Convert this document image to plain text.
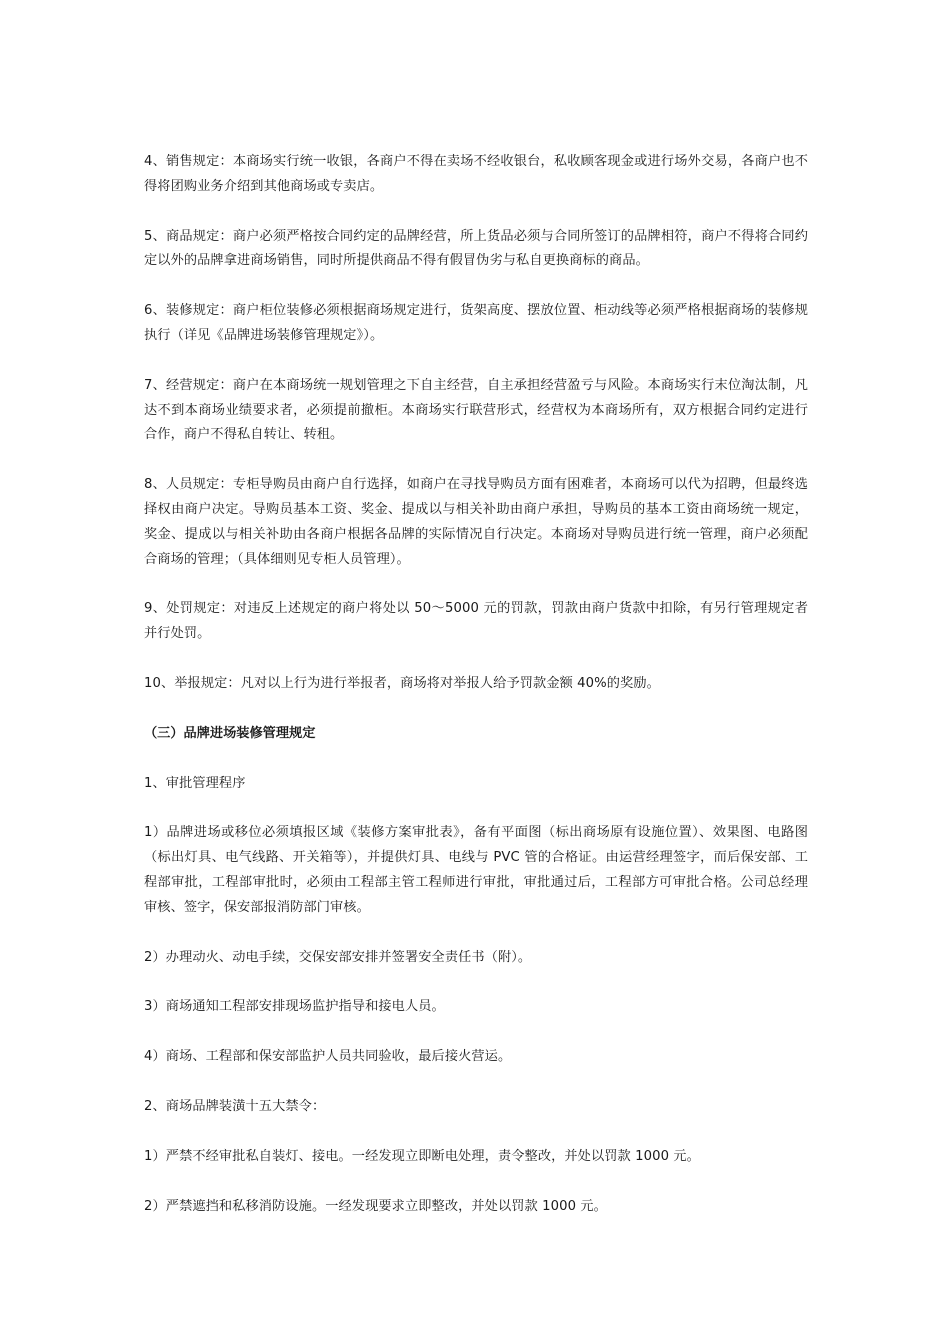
4、销售规定：本商场实行统一收银，各商户不得在卖场不经收银台，私收顾客现金或进行场外交易，各商户也不得将团购业务介绍到其他商场或专卖店。

5、商品规定：商户必须严格按合同约定的品牌经营，所上货品必须与合同所签订的品牌相符，商户不得将合同约定以外的品牌拿进商场销售，同时所提供商品不得有假冒伪劣与私自更换商标的商品。

6、装修规定：商户柜位装修必须根据商场规定进行，货架高度、摆放位置、柜动线等必须严格根据商场的装修规执行（详见《品牌进场装修管理规定》）。

7、经营规定：商户在本商场统一规划管理之下自主经营，自主承担经营盈亏与风险。本商场实行末位淘汰制，凡达不到本商场业绩要求者，必须提前撤柜。本商场实行联营形式，经营权为本商场所有，双方根据合同约定进行合作，商户不得私自转让、转租。

8、人员规定：专柜导购员由商户自行选择，如商户在寻找导购员方面有困难者，本商场可以代为招聘，但最终选择权由商户决定。导购员基本工资、奖金、提成以与相关补助由商户承担，导购员的基本工资由商场统一规定，奖金、提成以与相关补助由各商户根据各品牌的实际情况自行决定。本商场对导购员进行统一管理，商户必须配合商场的管理；（具体细则见专柜人员管理）。

9、处罚规定：对违反上述规定的商户将处以 50～5000 元的罚款，罚款由商户货款中扣除，有另行管理规定者并行处罚。

10、举报规定：凡对以上行为进行举报者，商场将对举报人给予罚款金额 40%的奖励。

（三）品牌进场装修管理规定

1、审批管理程序

1）品牌进场或移位必须填报区域《装修方案审批表》，备有平面图（标出商场原有设施位置）、效果图、电路图（标出灯具、电气线路、开关箱等），并提供灯具、电线与 PVC 管的合格证。由运营经理签字，而后保安部、工程部审批，工程部审批时，必须由工程部主管工程师进行审批，审批通过后，工程部方可审批合格。公司总经理审核、签字，保安部报消防部门审核。

2）办理动火、动电手续，交保安部安排并签署安全责任书（附）。

3）商场通知工程部安排现场监护指导和接电人员。

4）商场、工程部和保安部监护人员共同验收，最后接火营运。

2、商场品牌装潢十五大禁令：

1）严禁不经审批私自装灯、接电。一经发现立即断电处理，责令整改，并处以罚款 1000 元。

2）严禁遮挡和私移消防设施。一经发现要求立即整改，并处以罚款 1000 元。
